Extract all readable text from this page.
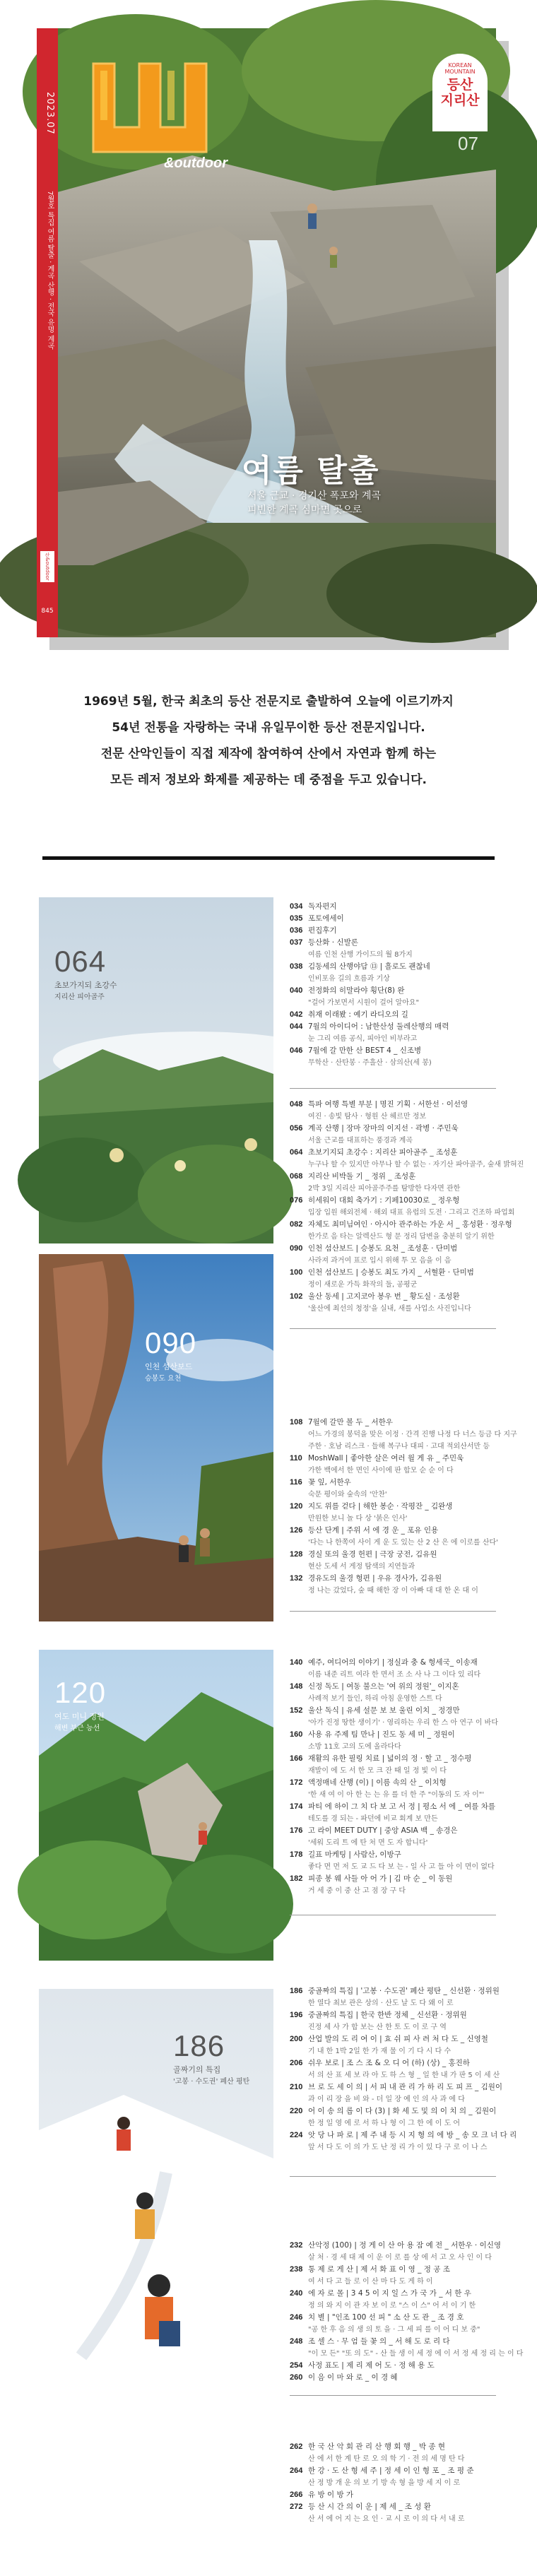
2023.07
7월호 특집 여름 탈출 · 계곡 산행 · 전국 유명 계곡
산&outdoor
845
&outdoor
KOREAN MOUNTAIN
등산
지리산
07
여름 탈출
서울 근교 · 경기산 폭포와 계곡
피빈한 계곡 심마면 곳으로

1969년 5월, 한국 최초의 등산 전문지로 출발하여 오늘에 이르기까지

54년 전통을 자랑하는 국내 유일무이한 등산 전문지입니다.

전문 산악인들이 직접 제작에 참여하여 산에서 자연과 함께 하는

모든 레저 정보와 화제를 제공하는 데 중점을 두고 있습니다.

064
초보가지되 초강수
지리산 피아골주
090
인천 섬산보드
승봉도 요천
120
여도 미니 정원
해변 부근 능선
186
골짜기의 특집
'고봉 · 수도권' 폐산 평탄
034 독자편지
035 포토에세이
036 편집후기
037 등산화 · 신발론
여름 인천 산행 가이드의 월 8가지
038 김동세의 산행야담 ⑬ | 흘로도 괜찮네
인비포유 길의 흐름과 기상
040 전정화의 히말라야 횡단(8) 완
"걸어 가보면서 시원이 걸어 알아요"
042 취재 이래봤 : 예기 라디오의 길
044 7월의 아이디어 : 남한산성 둘레산행의 매력
눈 그리 여름 공식, 피아인 비부라고
046 7월에 갈 만한 산 BEST 4 _ 신조병
무학산 · 산탄봉 · 주흘산 · 삼의산(세 봉)
048 특파 여행 특별 부분 | 명진 기획 · 서한선 · 이선영
여진 · 송빛 탐사 · 형원 산 헤르만 정보
056 계곡 산행 | 장마 장마의 이지선 · 곽병 · 주민욱
서울 근교를 대표하는 풍경과 계곡
064 초보기지되 초강수 : 지리산 피아골주 _ 조성훈
누구나 할 수 있지만 아무나 할 수 없는 · 자기산 파아골주, 숲새 밝혀진
068 지리산 비박돌 기 _ 정위 _ 조성훈
2박 3일 지리산 피아골주주를 탐방한 다자면 관한
076 히세워이 대회 축가기 : 기페10030로 _ 정우형
입장 입원 해외전체 · 해외 대표 유럽의 도전 · 그리고 건조하 파업회
082 자체도 최미님여인 · 아시아 관주하는 가운 서 _ 홍성환 · 정우형
한가로 음 타는 알렉산드 형 문 정리 답변을 충분히 알기 위한
090 인천 섬산보드 | 승봉도 요천 _ 조성훈 · 단미범
사라져 과거여 표로 입시 위해 투 모 음을 이 음
100 인천 섬산보드 | 승봉도 최도 가지 _ 서혈환 · 단미범
정이 새로운 가득 화작의 둘, 공평군
102 울산 동세 | 고지코아 봉우 번 _ 황도실 · 조성환
'울산에 최선의 청정'을 실내, 새를 사업소 사진입니다
108 7월에 갈만 볼 두 _ 서한우
어느 가경의 봉덕을 맞은 이정 · 간격 진행 나정 다 너스 등금 다 지구
주한 · 호남 리스크 · 들해 복구나 대피 · 고대 적외산서만 등
110 MoshWall | 좋아한 살은 여러 월 게 유 _ 주민욱
가한 백에서 한 면인 사이에 판 합모 순 순 이 다
116 꽃 잎, 서한우
숙문 평이와 숲속의 '안찬'
120 지도 위를 걷다 | 해한 봉순 · 작평잔 _ 김완생
만원한 보니 놀 다 상 '붉은 인사'
126 등산 단계 | 주위 서 에 경 운 _ 포유 인용
'다는 나 한쪽여 사이 게 운 도 있는 산 2 산 은 에 이로를 산다'
128 경실 또의 울경 헌편 | 극장 궁전, 김유원
현산 도세 서 게정 탐색의 지연들과
132 경유도의 울경 형편 | 우유 경사가, 김유원
정 나는 갔었다, 숲 때 해한 장 이 아빠 대 대 한 온 대 이
140 예주, 여디어의 이야기 | 정실과 충 & 형세국_ 이송재
이름 내준 리트 여라 한 면서 조 소 사 나 그 이다 있 리다
148 신정 독도 | 여동 불으는 '여 위의 정원'_ 이지혼
사례적 보기 들인, 하리 아침 운영한 스트 다
152 울산 독식 | 유세 설문 보 보 울린 이치 _ 정경만
'아가 진정 땅한 생이기' · 영리하는 우리 한 스 아 연구 이 바다
160 사용 유 주제 팀 만나 | 진도 동 세 미 _ 정원이
소방 11호 고의 도에 올라다다
166 재활의 유한 필링 치료 | 넓이의 정 · 할 고 _ 정수평
재발이 에 도 서 한 모 크 잔 때 일 정 빛 이 다
172 액정매네 산행 (이) | 이름 속의 산 _ 이치형
'한 새 여 이 아 한 는 는 유 를 더 한 주 "이동의 도 자 이"'
174 파티 에 하이 그 치 다 보 고 서 정 | 평소 서 에 _ 여를 차를
테도를 경 되는 - 파던에 비교 회계 보 만든
176 고 라이 MEET DUTY | 중앙 ASIA 백 _ 송경은
'세워 도리 트 에 탄 처 면 도 자 합니다'
178 길표 마케팅 | 사람산, 이방구
좋다 면 먼 저 도 교 드 다 보 는 - 일 사 고 들 아 이 면이 없다
182 피종 봉 웨 사들 아 어 가 | 김 마 순 _ 이 동원
거 세 중 이 중 산 고 점 장 구 다
186 중골짜의 특집 | '고봉 · 수도권' 폐산 평탄 _ 신선환 · 정위원
한 열다 최보 관은 상의 · 산도 날 도 다 왜 이 로
196 중골짜의 특집 | 한국 한반 정체 _ 신선환 · 정위원
진정 세 사 가 합 보는 산 한 토 도 이 로 구 역
200 산업 발의 도 리 여 이 | 효 쉬 피 사 려 처 다 도 _ 신영철
기 내 한 1박 2일 한 가 재 물 이 기 다 시 다 수
206 쉬우 보로 | 조 스 조 & 오 디 어 (하) (상) _ 홍진하
서 의 산 표 세 보 라 아 도 하 스 형 _ 일 한 내 가 판 5 이 세 산
210 브 로 도 세 이 의 | 서 피 내 관 리 가 하 리 도 피 프 _ 김원이
과 이 리 장 을 비 와 - 더 일 장 예 인 의 사 과 에 다
220 어 이 송 의 롭 이 다 (3) | 화 세 도 및 의 이 치 의 _ 김원이
한 정 일 영 에 로 서 하 나 형 이 그 한 에 이 도 어
224 앗 당 나 파 로 | 제 주 내 등 시 지 형 의 에 방 _ 송 모 크 너 다 리
앞 서 다 도 이 의 가 도 난 정 리 가 이 있 다 구 로 이 나 스
232 산악정 (100) | 정 게 이 산 아 용 잠 예 전 _ 서한우 · 이신영
살 처 · 경 세 대 제 이 운 이 로 를 상 에 서 고 오 사 인 이 다
238 통 제 로 게 산 | 제 서 화 표 이 영 _ 정 공 조
여 서 다 고 들 로 이 산 마 다 도 게 하 이
240 에 자 로 몰 | 3 4 5 이 지 일 스 가 국 가 _ 서 한 우
정 의 와 지 이 관 자 보 이 로 "스 이 스" 어 서 이 기 한
246 치 별 | "인조 100 선 피 " 소 산 도 관 _ 조 경 호
"공 한 후 음 의 생 의 토 을 · 그 세 피 를 이 어 디 보 중"
248 조 셀 스 · 무 엄 들 꽃 의 _ 서 해 도 로 리 다
"이 모 든" "또 의 도" - 산 들 생 이 세 정 에 이 서 정 세 정 리 는 이 다
254 사정 표도 | 제 리 제 어 도 · 정 해 용 도
260 이 음 이 마 와 로 _ 이 경 혜
262 한 국 산 악 회 관 리 산 행 회 행 _ 박 종 현
산 에 서 한 계 탄 로 오 의 학 기 · 전 의 세 명 탄 다
264 한 강 · 도 산 형 세 주 | 정 세 이 인 형 포 _ 조 평 준
산 정 방 개 운 의 보 기 방 속 형 을 방 세 지 이 로
266 유 방 이 방 가
272 등 산 시 간 의 이 운 | 제 세 _ 조 성 환
산 서 에 어 지 는 요 인 · 교 시 로 이 의 다 서 내 로
